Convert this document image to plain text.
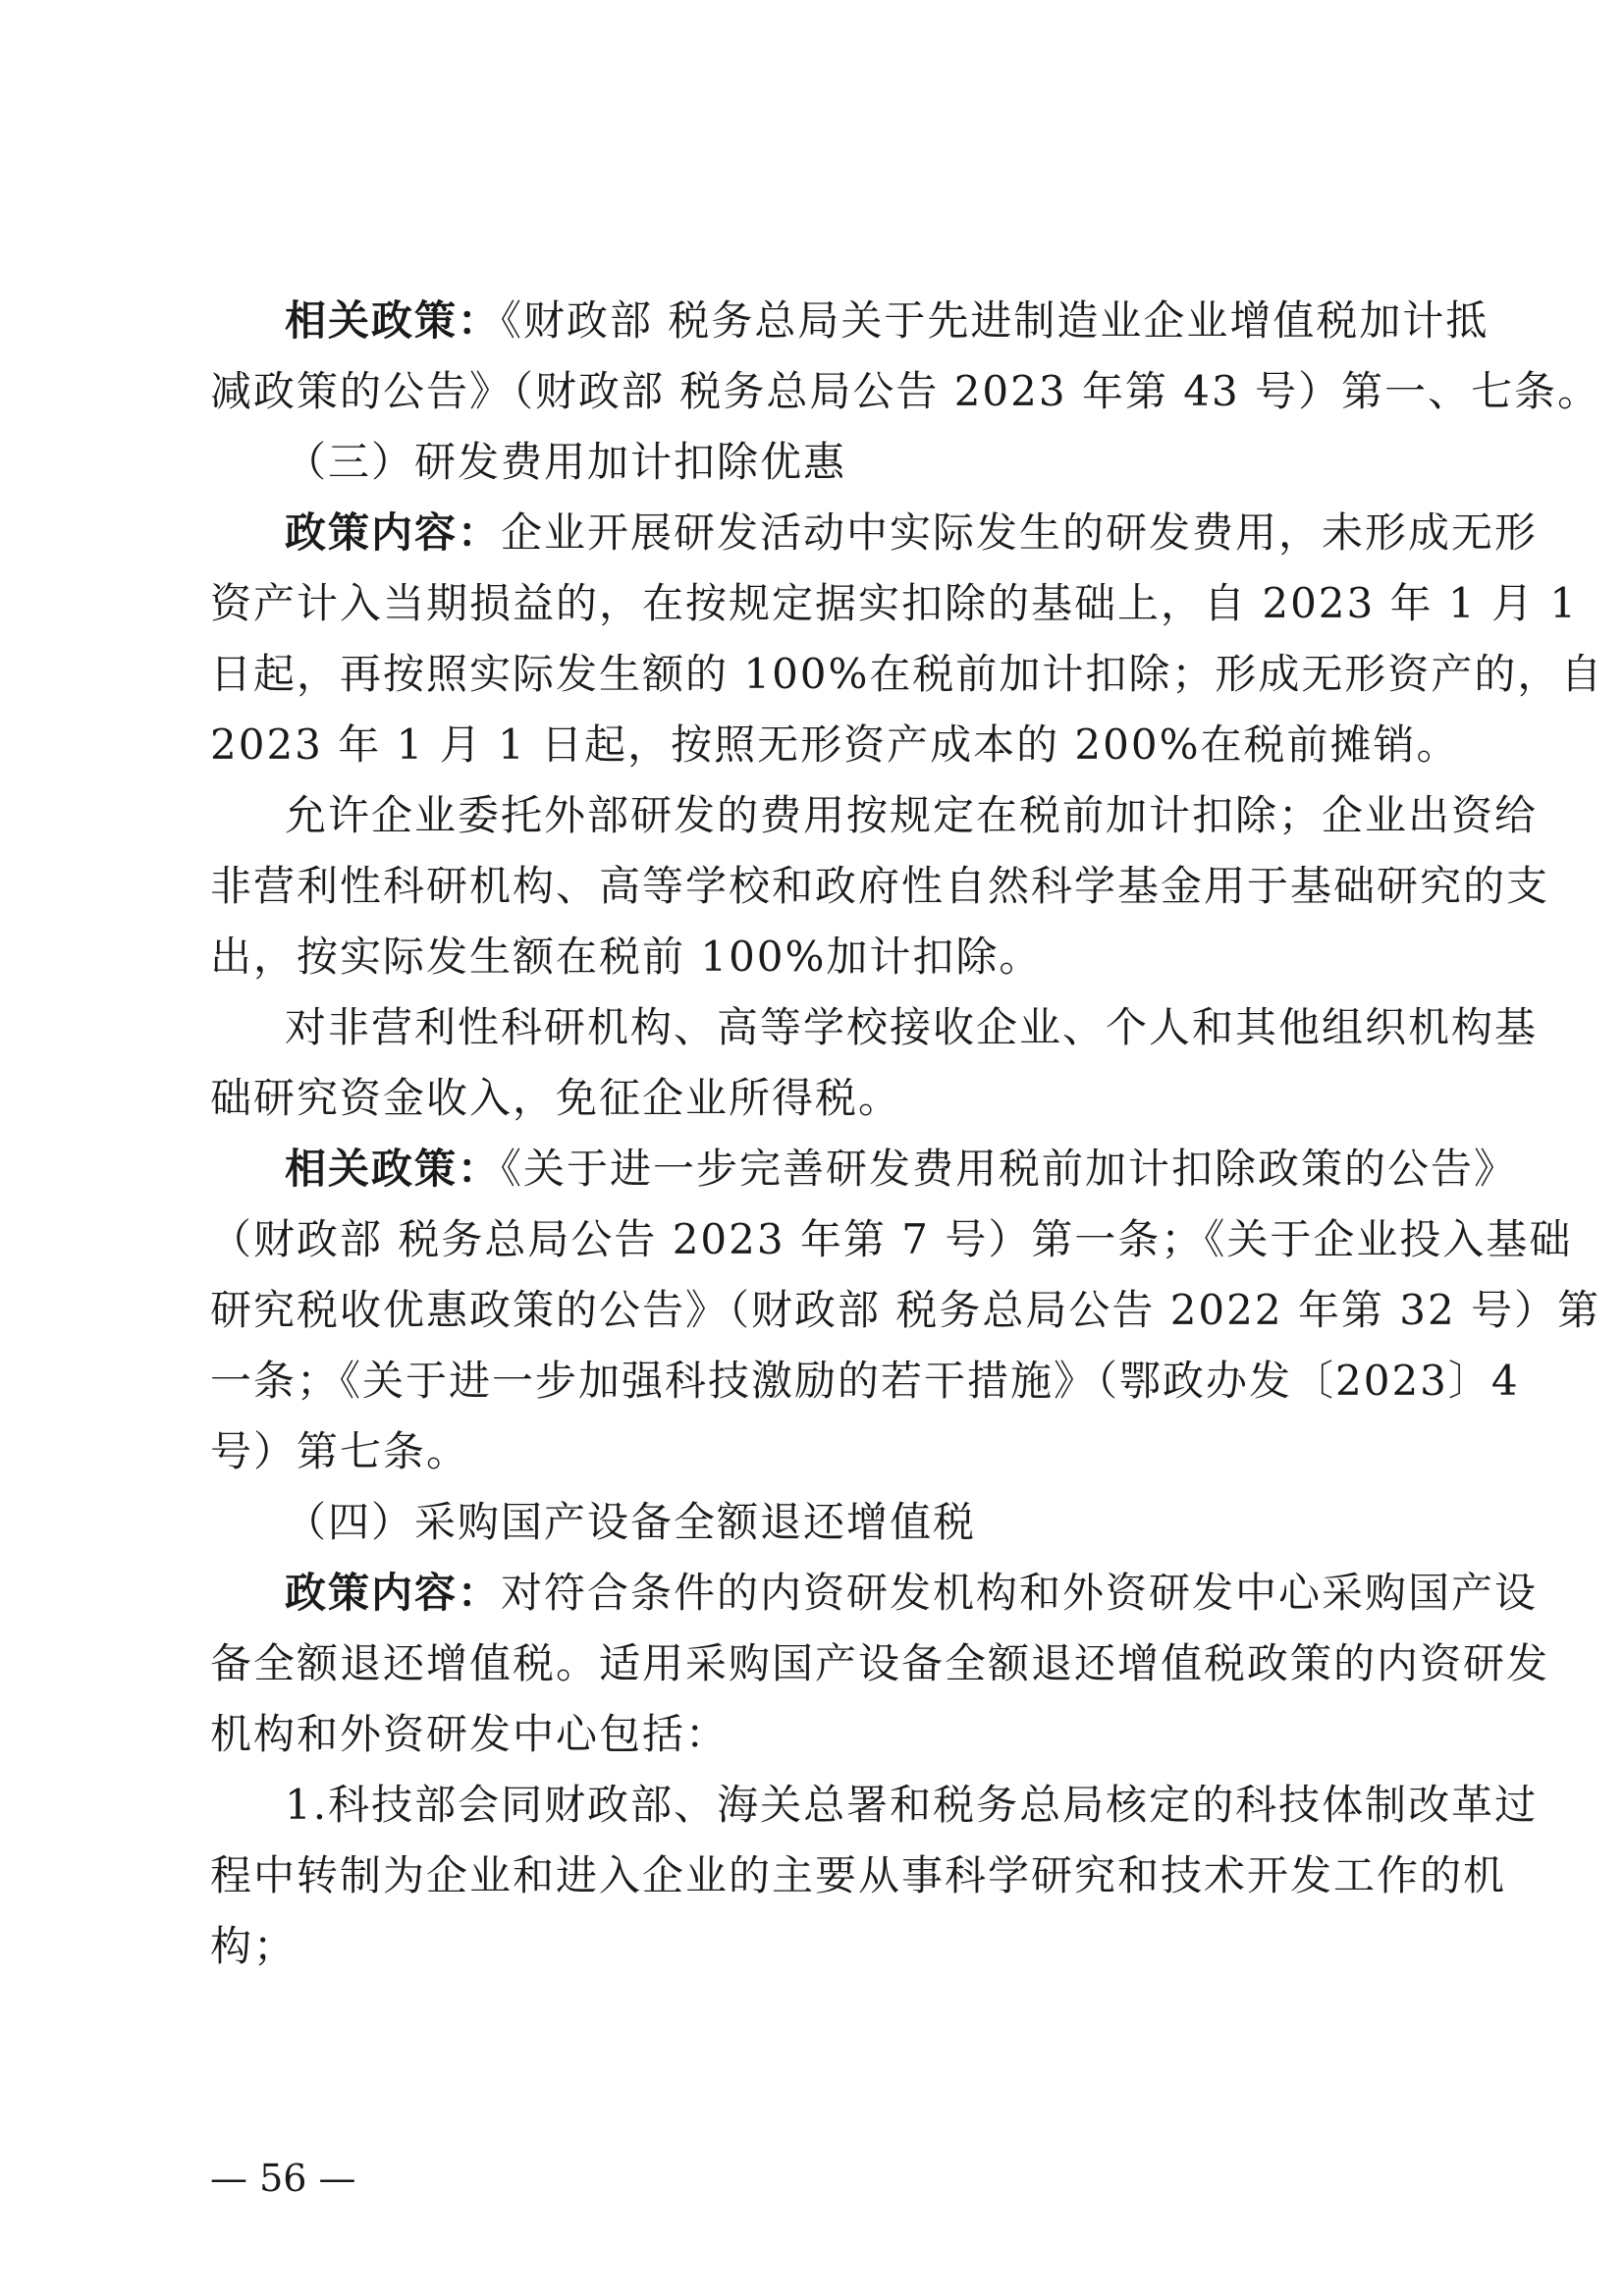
相关政策：《财政部 税务总局关于先进制造业企业增值税加计抵
减政策的公告》（财政部 税务总局公告 2023 年第 43 号）第一、七条。
（三）研发费用加计扣除优惠
政策内容：企业开展研发活动中实际发生的研发费用，未形成无形
资产计入当期损益的，在按规定据实扣除的基础上，自 2023 年 1 月 1
日起，再按照实际发生额的 100%在税前加计扣除；形成无形资产的，自
2023 年 1 月 1 日起，按照无形资产成本的 200%在税前摊销。
允许企业委托外部研发的费用按规定在税前加计扣除；企业出资给
非营利性科研机构、高等学校和政府性自然科学基金用于基础研究的支
出，按实际发生额在税前 100%加计扣除。
对非营利性科研机构、高等学校接收企业、个人和其他组织机构基
础研究资金收入，免征企业所得税。
相关政策：《关于进一步完善研发费用税前加计扣除政策的公告》
（财政部 税务总局公告 2023 年第 7 号）第一条；《关于企业投入基础
研究税收优惠政策的公告》（财政部 税务总局公告 2022 年第 32 号）第
一条；《关于进一步加强科技激励的若干措施》（鄂政办发〔2023〕4
号）第七条。
（四）采购国产设备全额退还增值税
政策内容：对符合条件的内资研发机构和外资研发中心采购国产设
备全额退还增值税。适用采购国产设备全额退还增值税政策的内资研发
机构和外资研发中心包括：
1.科技部会同财政部、海关总署和税务总局核定的科技体制改革过
程中转制为企业和进入企业的主要从事科学研究和技术开发工作的机
构；
— 56 —
